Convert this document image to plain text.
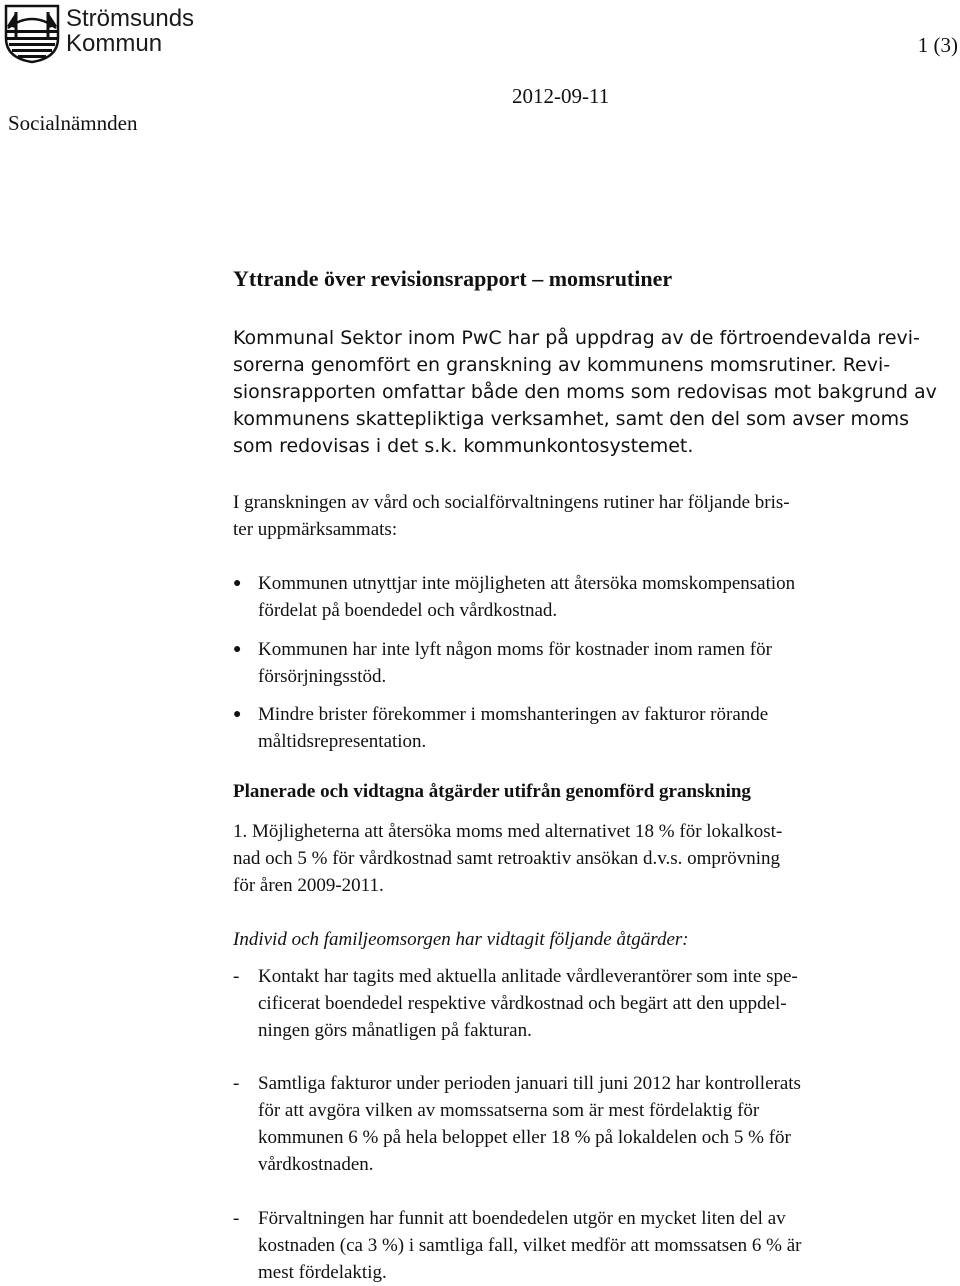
Strömsunds
Kommun	1 (3)
2012-09-11
Socialnämnden
Yttrande över revisionsrapport – momsrutiner
Kommunal Sektor inom PwC har på uppdrag av de förtroendevalda revi-
sorerna genomfört en granskning av kommunens momsrutiner. Revi-
sionsrapporten omfattar både den moms som redovisas mot bakgrund av
kommunens skattepliktiga verksamhet, samt den del som avser moms
som redovisas i det s.k. kommunkontosystemet.
I granskningen av vård och socialförvaltningens rutiner har följande bris-
ter uppmärksammats:
● Kommunen utnyttjar inte möjligheten att återsöka momskompensation
fördelat på boendedel och vårdkostnad.
● Kommunen har inte lyft någon moms för kostnader inom ramen för
försörjningsstöd.
● Mindre brister förekommer i momshanteringen av fakturor rörande
måltidsrepresentation.
Planerade och vidtagna åtgärder utifrån genomförd granskning
1. Möjligheterna att återsöka moms med alternativet 18 % för lokalkost-
nad och 5 % för vårdkostnad samt retroaktiv ansökan d.v.s. omprövning
för åren 2009-2011.
Individ och familjeomsorgen har vidtagit följande åtgärder:
- Kontakt har tagits med aktuella anlitade vårdleverantörer som inte spe-
cificerat boendedel respektive vårdkostnad och begärt att den uppdel-
ningen görs månatligen på fakturan.
- Samtliga fakturor under perioden januari till juni 2012 har kontrollerats
för att avgöra vilken av momssatserna som är mest fördelaktig för
kommunen 6 % på hela beloppet eller 18 % på lokaldelen och 5 % för
vårdkostnaden.
- Förvaltningen har funnit att boendedelen utgör en mycket liten del av
kostnaden (ca 3 %) i samtliga fall, vilket medför att momssatsen 6 % är
mest fördelaktig.
